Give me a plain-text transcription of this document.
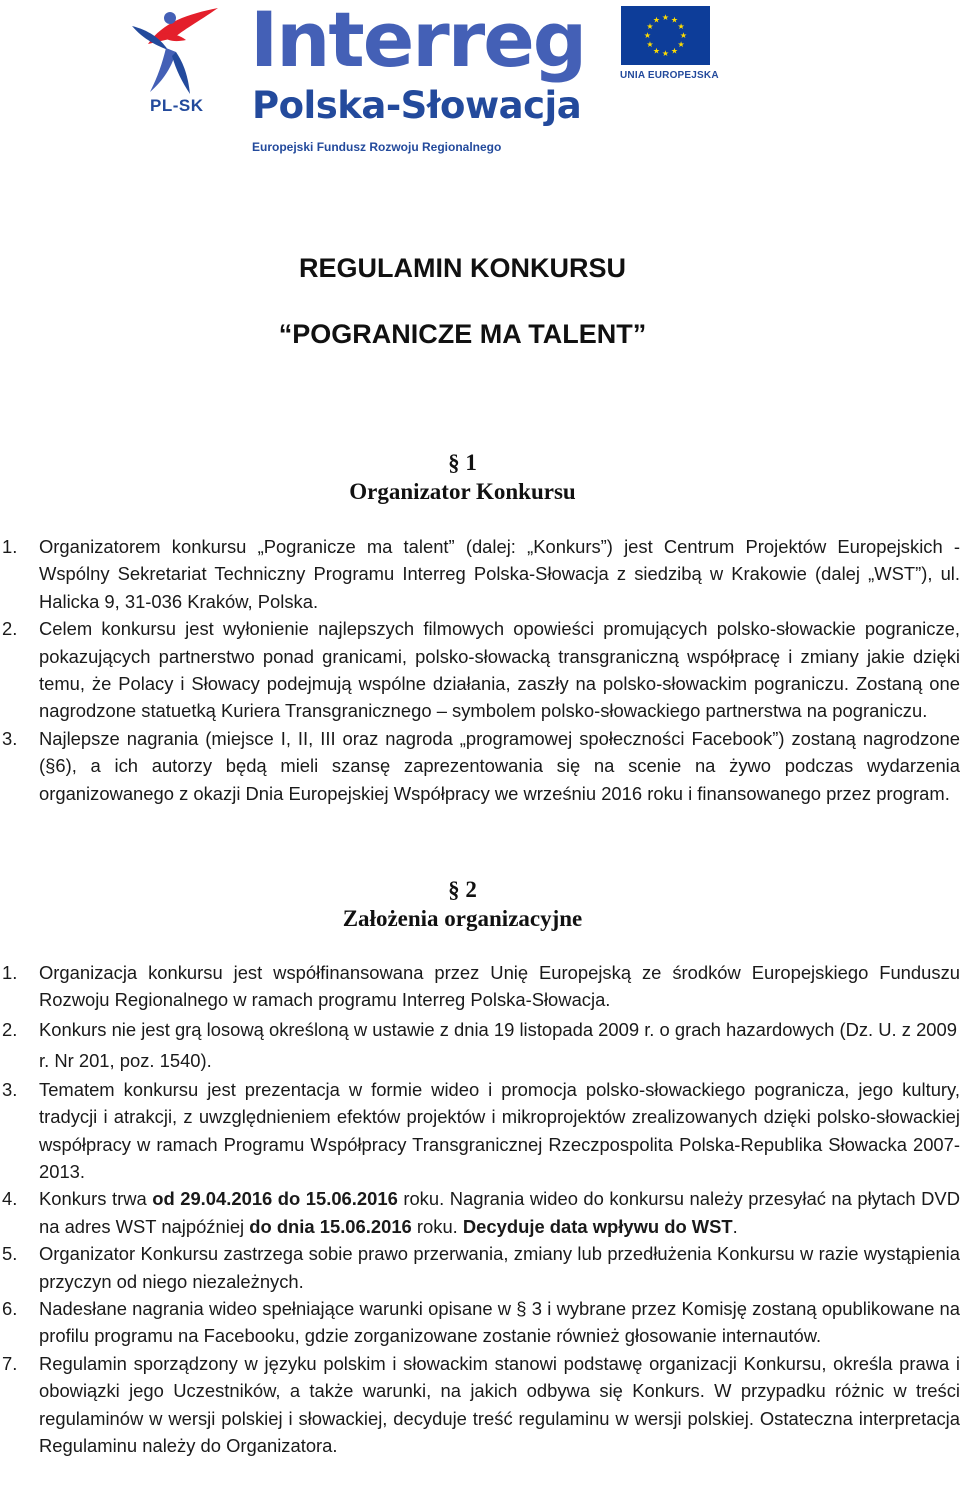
PL-SK
Interreg
Polska-Słowacja
Europejski Fundusz Rozwoju Regionalnego
★ ★
★
★
★
★
★
★
★
★
★
★
UNIA EUROPEJSKA
REGULAMIN KONKURSU
“POGRANICZE MA TALENT”
§ 1
Organizator Konkursu
1. Organizatorem konkursu „Pogranicze ma talent” (dalej: „Konkurs”) jest Centrum Projektów Europejskich - Wspólny Sekretariat Techniczny Programu Interreg Polska-Słowacja z siedzibą w Krakowie (dalej „WST”), ul. Halicka 9, 31-036 Kraków, Polska.
2. Celem konkursu jest wyłonienie najlepszych filmowych opowieści promujących polsko-słowackie pogranicze, pokazujących partnerstwo ponad granicami, polsko-słowacką transgraniczną współpracę i zmiany jakie dzięki temu, że Polacy i Słowacy podejmują wspólne działania, zaszły na polsko-słowackim pograniczu. Zostaną one nagrodzone statuetką Kuriera Transgranicznego – symbolem polsko-słowackiego partnerstwa na pograniczu.
3. Najlepsze nagrania (miejsce I, II, III oraz nagroda „programowej społeczności Facebook”) zostaną nagrodzone (§6), a ich autorzy będą mieli szansę zaprezentowania się na scenie na żywo podczas wydarzenia organizowanego z okazji Dnia Europejskiej Współpracy we wrześniu 2016 roku i finansowanego przez program.
§ 2
Założenia organizacyjne
1. Organizacja konkursu jest współfinansowana przez Unię Europejską ze środków Europejskiego Funduszu Rozwoju Regionalnego w ramach programu Interreg Polska-Słowacja.
2. Konkurs nie jest grą losową określoną w ustawie z dnia 19 listopada 2009 r. o grach hazardowych (Dz. U. z 2009 r. Nr 201, poz. 1540).
3. Tematem konkursu jest prezentacja w formie wideo i promocja polsko-słowackiego pogranicza, jego kultury, tradycji i atrakcji, z uwzględnieniem efektów projektów i mikroprojektów zrealizowanych dzięki polsko-słowackiej współpracy w ramach Programu Współpracy Transgranicznej Rzeczpospolita Polska-Republika Słowacka 2007-2013.
4. Konkurs trwa od 29.04.2016 do 15.06.2016 roku. Nagrania wideo do konkursu należy przesyłać na płytach DVD na adres WST najpóźniej do dnia 15.06.2016 roku. Decyduje data wpływu do WST.
5. Organizator Konkursu zastrzega sobie prawo przerwania, zmiany lub przedłużenia Konkursu w razie wystąpienia przyczyn od niego niezależnych.
6. Nadesłane nagrania wideo spełniające warunki opisane w § 3 i wybrane przez Komisję zostaną opublikowane na profilu programu na Facebooku, gdzie zorganizowane zostanie również głosowanie internautów.
7. Regulamin sporządzony w języku polskim i słowackim stanowi podstawę organizacji Konkursu, określa prawa i obowiązki jego Uczestników, a także warunki, na jakich odbywa się Konkurs. W przypadku różnic w treści regulaminów w wersji polskiej i słowackiej, decyduje treść regulaminu w wersji polskiej. Ostateczna interpretacja Regulaminu należy do Organizatora.
